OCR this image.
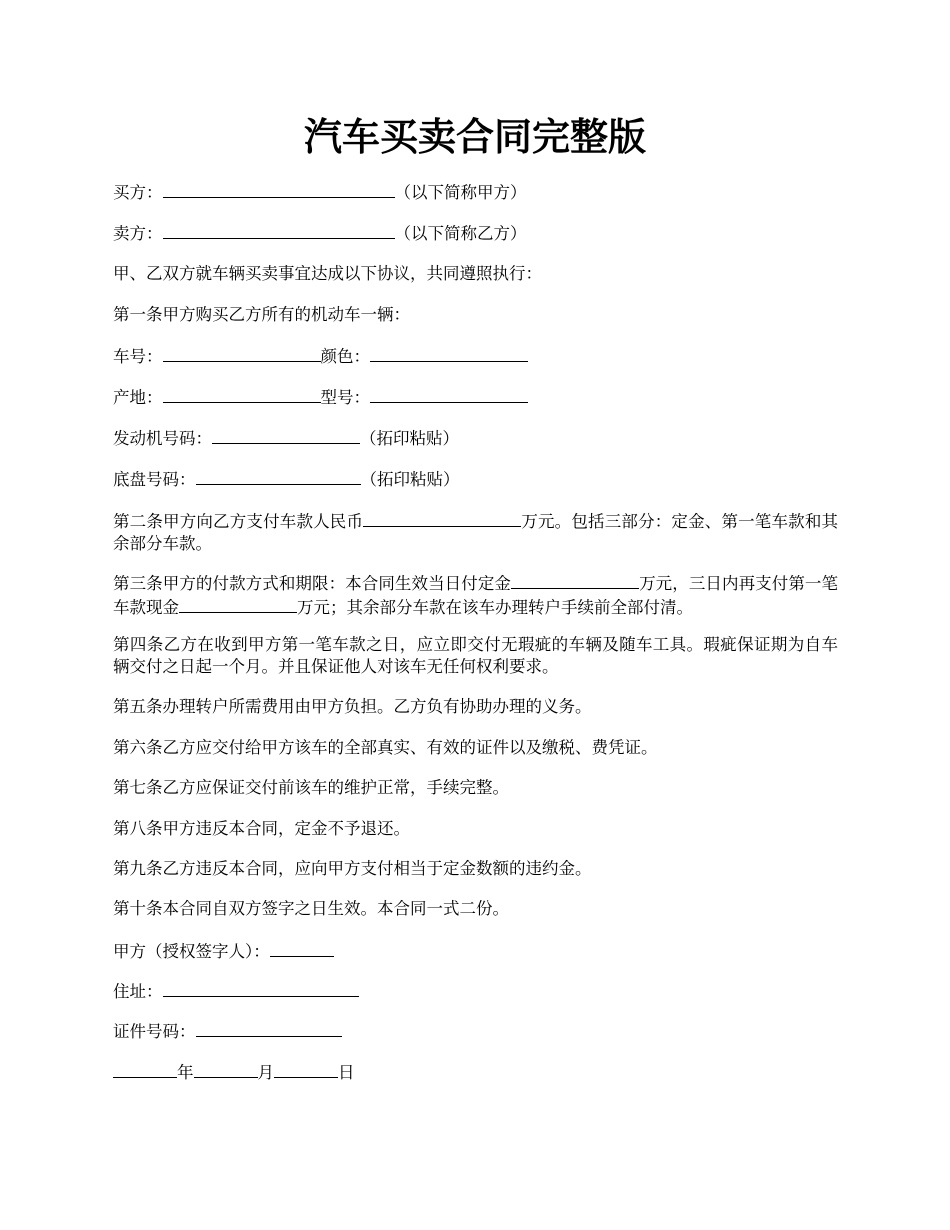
汽车买卖合同完整版
买方：	（以下简称甲方）
卖方：	（以下简称乙方）
甲、乙双方就车辆买卖事宜达成以下协议，共同遵照执行：
第一条甲方购买乙方所有的机动车一辆：
车号：	颜色：
产地：	型号：
发动机号码：	（拓印粘贴）
底盘号码：	（拓印粘贴）
第二条甲方向乙方支付车款人民币	万元。包括三部分：定金、第一笔车款和其余部分车款。
第三条甲方的付款方式和期限：本合同生效当日付定金	万元，三日内再支付第一笔车款现金	万元；其余部分车款在该车办理转户手续前全部付清。
第四条乙方在收到甲方第一笔车款之日，应立即交付无瑕疵的车辆及随车工具。瑕疵保证期为自车辆交付之日起一个月。并且保证他人对该车无任何权利要求。
第五条办理转户所需费用由甲方负担。乙方负有协助办理的义务。
第六条乙方应交付给甲方该车的全部真实、有效的证件以及缴税、费凭证。
第七条乙方应保证交付前该车的维护正常，手续完整。
第八条甲方违反本合同，定金不予退还。
第九条乙方违反本合同，应向甲方支付相当于定金数额的违约金。
第十条本合同自双方签字之日生效。本合同一式二份。
甲方（授权签字人）：
住址：
证件号码：
年	月	日
